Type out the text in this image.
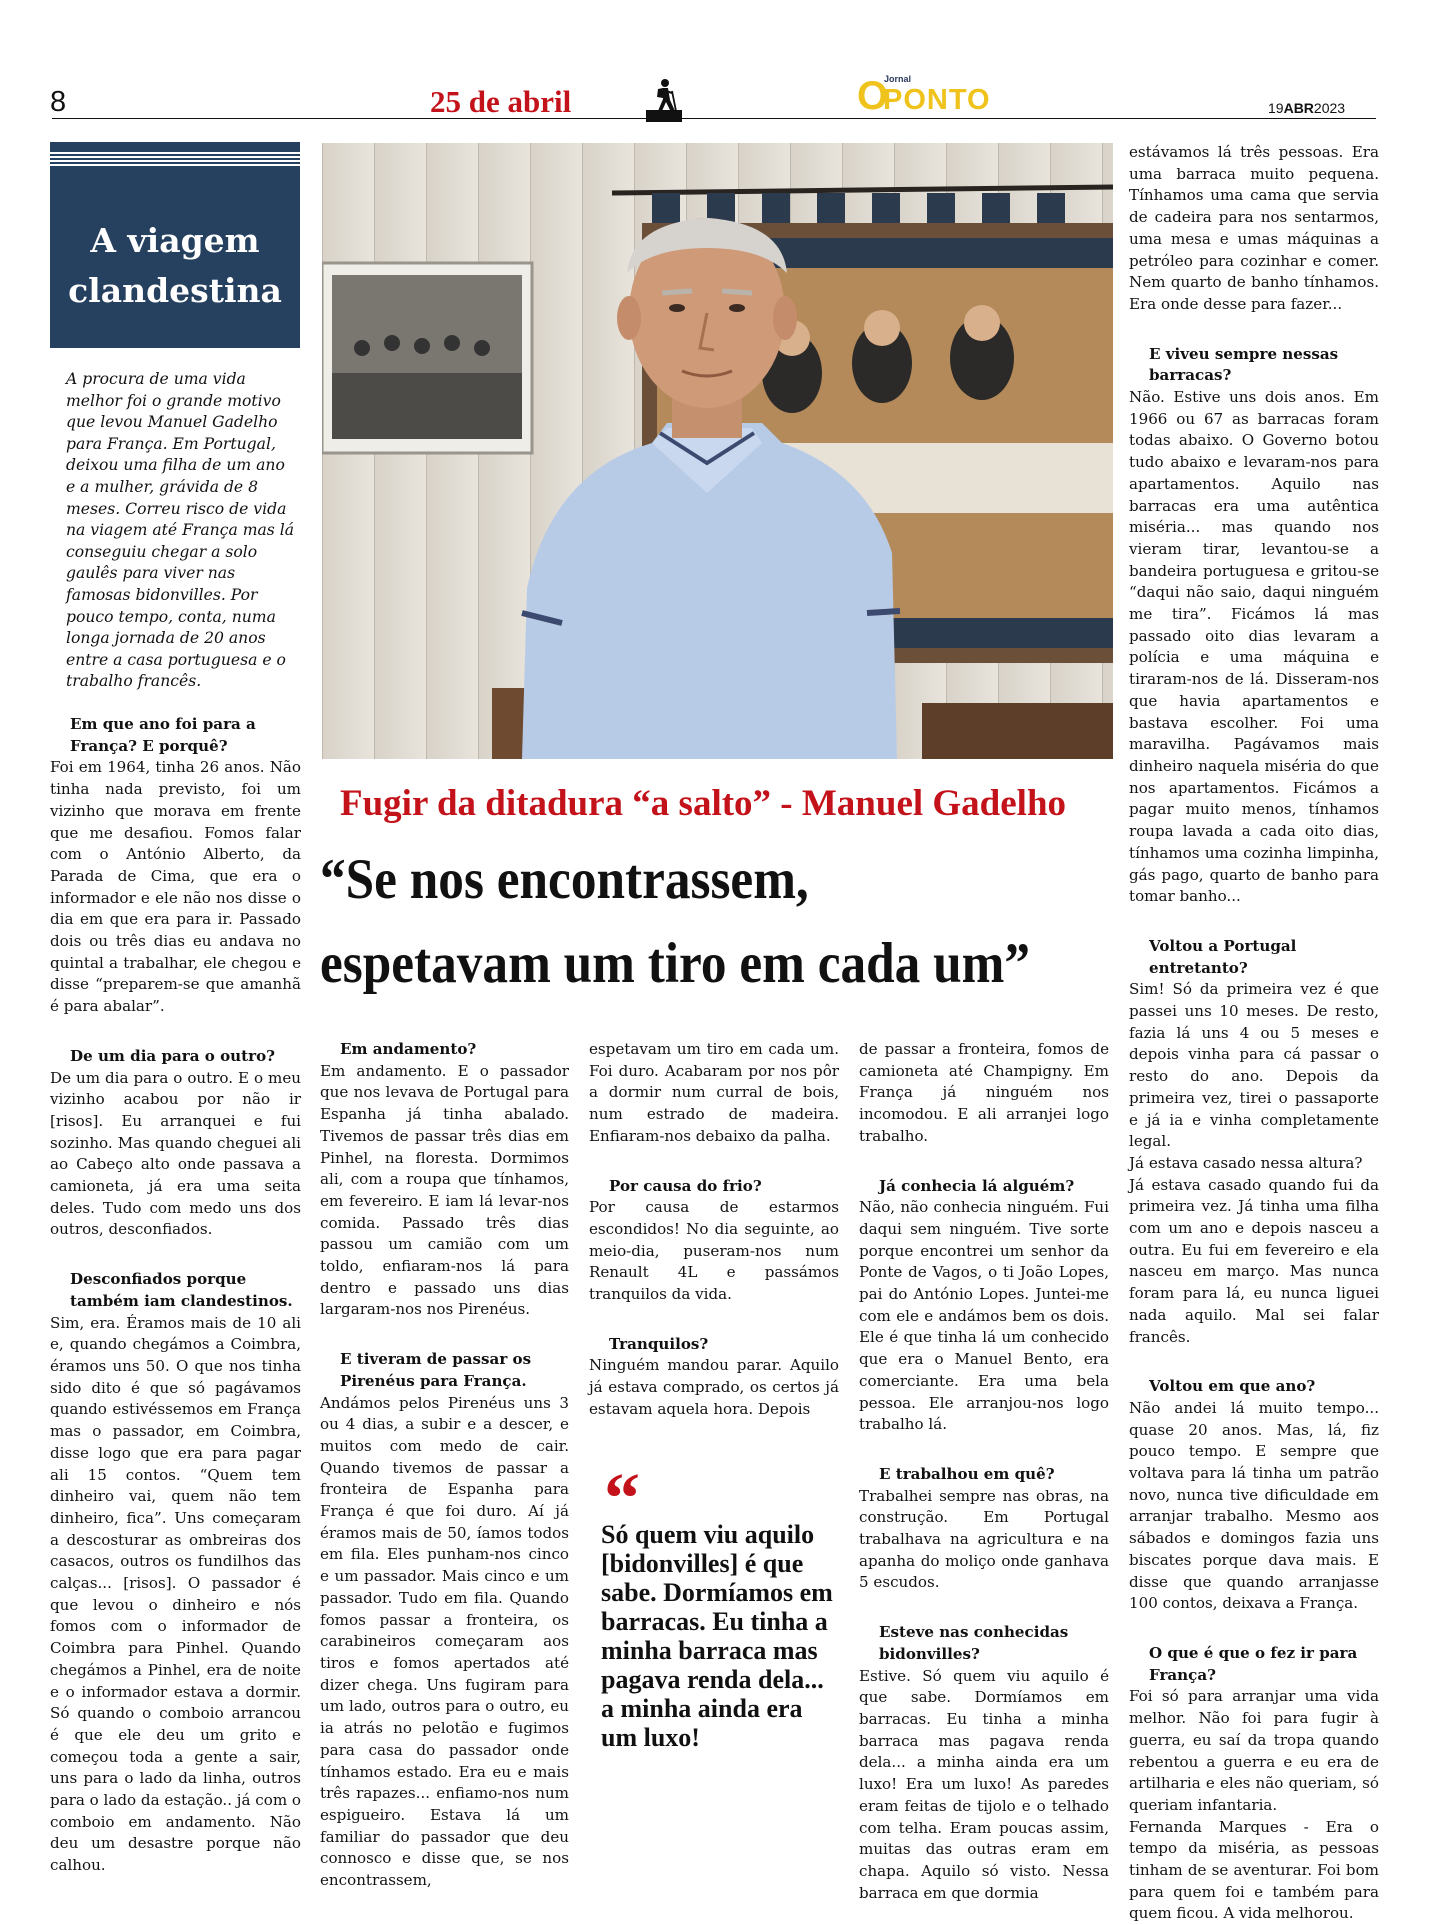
8	25 de abril
Jornal
O
PONTO	19ABR2023
A viagem
clandestina
A procura de uma vida melhor foi o grande motivo que levou Manuel Gadelho para França. Em Portugal, deixou uma filha de um ano e a mulher, grávida de 8 meses. Correu risco de vida na viagem até França mas lá conseguiu chegar a solo gaulês para viver nas famosas bidonvilles. Por pouco tempo, conta, numa longa jornada de 20 anos entre a casa portuguesa e o trabalho francês.
Fugir da ditadura “a salto” - Manuel Gadelho
“Se nos encontrassem,
espetavam um tiro em cada um”

Em que ano foi para a França? E porquê?

Foi em 1964, tinha 26 anos. Não tinha nada previsto, foi um vizinho que morava em frente que me desafiou. Fomos falar com o António Alberto, da Parada de Cima, que era o informador e ele não nos disse o dia em que era para ir. Passado dois ou três dias eu andava no quintal a trabalhar, ele chegou e disse “preparem-se que amanhã é para abalar”.

De um dia para o outro?

De um dia para o outro. E o meu vizinho acabou por não ir [risos]. Eu arranquei e fui sozinho. Mas quando cheguei ali ao Cabeço alto onde passava a camioneta, já era uma seita deles. Tudo com medo uns dos outros, desconfiados.

Desconfiados porque também iam clandestinos.

Sim, era. Éramos mais de 10 ali e, quando chegámos a Coimbra, éramos uns 50. O que nos tinha sido dito é que só pagávamos quando estivéssemos em França mas o passador, em Coimbra, disse logo que era para pagar ali 15 contos. “Quem tem dinheiro vai, quem não tem dinheiro, fica”. Uns começaram a descosturar as ombreiras dos casacos, outros os fundilhos das calças... [risos]. O passador é que levou o dinheiro e nós fomos com o informador de Coimbra para Pinhel. Quando chegámos a Pinhel, era de noite e o informador estava a dormir. Só quando o comboio arrancou é que ele deu um grito e começou toda a gente a sair, uns para o lado da linha, outros para o lado da estação.. já com o comboio em andamento. Não deu um desastre porque não calhou.

Em andamento?

Em andamento. E o passador que nos levava de Portugal para Espanha já tinha abalado. Tivemos de passar três dias em Pinhel, na floresta. Dormimos ali, com a roupa que tínhamos, em fevereiro. E iam lá levar-nos comida. Passado três dias passou um camião com um toldo, enfiaram-nos lá para dentro e passado uns dias largaram-nos nos Pirenéus.

E tiveram de passar os Pirenéus para França.

Andámos pelos Pirenéus uns 3 ou 4 dias, a subir e a descer, e muitos com medo de cair. Quando tivemos de passar a fronteira de Espanha para França é que foi duro. Aí já éramos mais de 50, íamos todos em fila. Eles punham-nos cinco e um passador. Mais cinco e um passador. Tudo em fila. Quando fomos passar a fronteira, os carabineiros começaram aos tiros e fomos apertados até dizer chega. Uns fugiram para um lado, outros para o outro, eu ia atrás no pelotão e fugimos para casa do passador onde tínhamos estado. Era eu e mais três rapazes... enfiamo-nos num espigueiro. Estava lá um familiar do passador que deu connosco e disse que, se nos encontrassem,

espetavam um tiro em cada um. Foi duro. Acabaram por nos pôr a dormir num curral de bois, num estrado de madeira. Enfiaram-nos debaixo da palha.

Por causa do frio?

Por causa de estarmos escondidos! No dia seguinte, ao meio-dia, puseram-nos num Renault 4L e passámos tranquilos da vida.

Tranquilos?

Ninguém mandou parar. Aquilo já estava comprado, os certos já estavam aquela hora. Depois

“
Só quem viu aquilo [bidonvilles] é que sabe. Dormíamos em barracas. Eu tinha a minha barraca mas pagava renda dela... a minha ainda era um luxo!

de passar a fronteira, fomos de camioneta até Champigny. Em França já ninguém nos incomodou. E ali arranjei logo trabalho.

Já conhecia lá alguém?

Não, não conhecia ninguém. Fui daqui sem ninguém. Tive sorte porque encontrei um senhor da Ponte de Vagos, o ti João Lopes, pai do António Lopes. Juntei-me com ele e andámos bem os dois. Ele é que tinha lá um conhecido que era o Manuel Bento, era comerciante. Era uma bela pessoa. Ele arranjou-nos logo trabalho lá.

E trabalhou em quê?

Trabalhei sempre nas obras, na construção. Em Portugal trabalhava na agricultura e na apanha do moliço onde ganhava 5 escudos.

Esteve nas conhecidas bidonvilles?

Estive. Só quem viu aquilo é que sabe. Dormíamos em barracas. Eu tinha a minha barraca mas pagava renda dela... a minha ainda era um luxo! Era um luxo! As paredes eram feitas de tijolo e o telhado com telha. Eram poucas assim, muitas das outras eram em chapa. Aquilo só visto. Nessa barraca em que dormia

estávamos lá três pessoas. Era uma barraca muito pequena. Tínhamos uma cama que servia de cadeira para nos sentarmos, uma mesa e umas máquinas a petróleo para cozinhar e comer. Nem quarto de banho tínhamos. Era onde desse para fazer...

E viveu sempre nessas barracas?

Não. Estive uns dois anos. Em 1966 ou 67 as barracas foram todas abaixo. O Governo botou tudo abaixo e levaram-nos para apartamentos. Aquilo nas barracas era uma autêntica miséria... mas quando nos vieram tirar, levantou-se a bandeira portuguesa e gritou-se “daqui não saio, daqui ninguém me tira”. Ficámos lá mas passado oito dias levaram a polícia e uma máquina e tiraram-nos de lá. Disseram-nos que havia apartamentos e bastava escolher. Foi uma maravilha. Pagávamos mais dinheiro naquela miséria do que nos apartamentos. Ficámos a pagar muito menos, tínhamos roupa lavada a cada oito dias, tínhamos uma cozinha limpinha, gás pago, quarto de banho para tomar banho...

Voltou a Portugal entretanto?

Sim! Só da primeira vez é que passei uns 10 meses. De resto, fazia lá uns 4 ou 5 meses e depois vinha para cá passar o resto do ano. Depois da primeira vez, tirei o passaporte e já ia e vinha completamente legal.

Já estava casado nessa altura?

Já estava casado quando fui da primeira vez. Já tinha uma filha com um ano e depois nasceu a outra. Eu fui em fevereiro e ela nasceu em março. Mas nunca foram para lá, eu nunca liguei nada aquilo. Mal sei falar francês.

Voltou em que ano?

Não andei lá muito tempo... quase 20 anos. Mas, lá, fiz pouco tempo. E sempre que voltava para lá tinha um patrão novo, nunca tive dificuldade em arranjar trabalho. Mesmo aos sábados e domingos fazia uns biscates porque dava mais. E disse que quando arranjasse 100 contos, deixava a França.

O que é que o fez ir para França?

Foi só para arranjar uma vida melhor. Não foi para fugir à guerra, eu saí da tropa quando rebentou a guerra e eu era de artilharia e eles não queriam, só queriam infantaria.

Fernanda Marques - Era o tempo da miséria, as pessoas tinham de se aventurar. Foi bom para quem foi e também para quem ficou. A vida melhorou.
